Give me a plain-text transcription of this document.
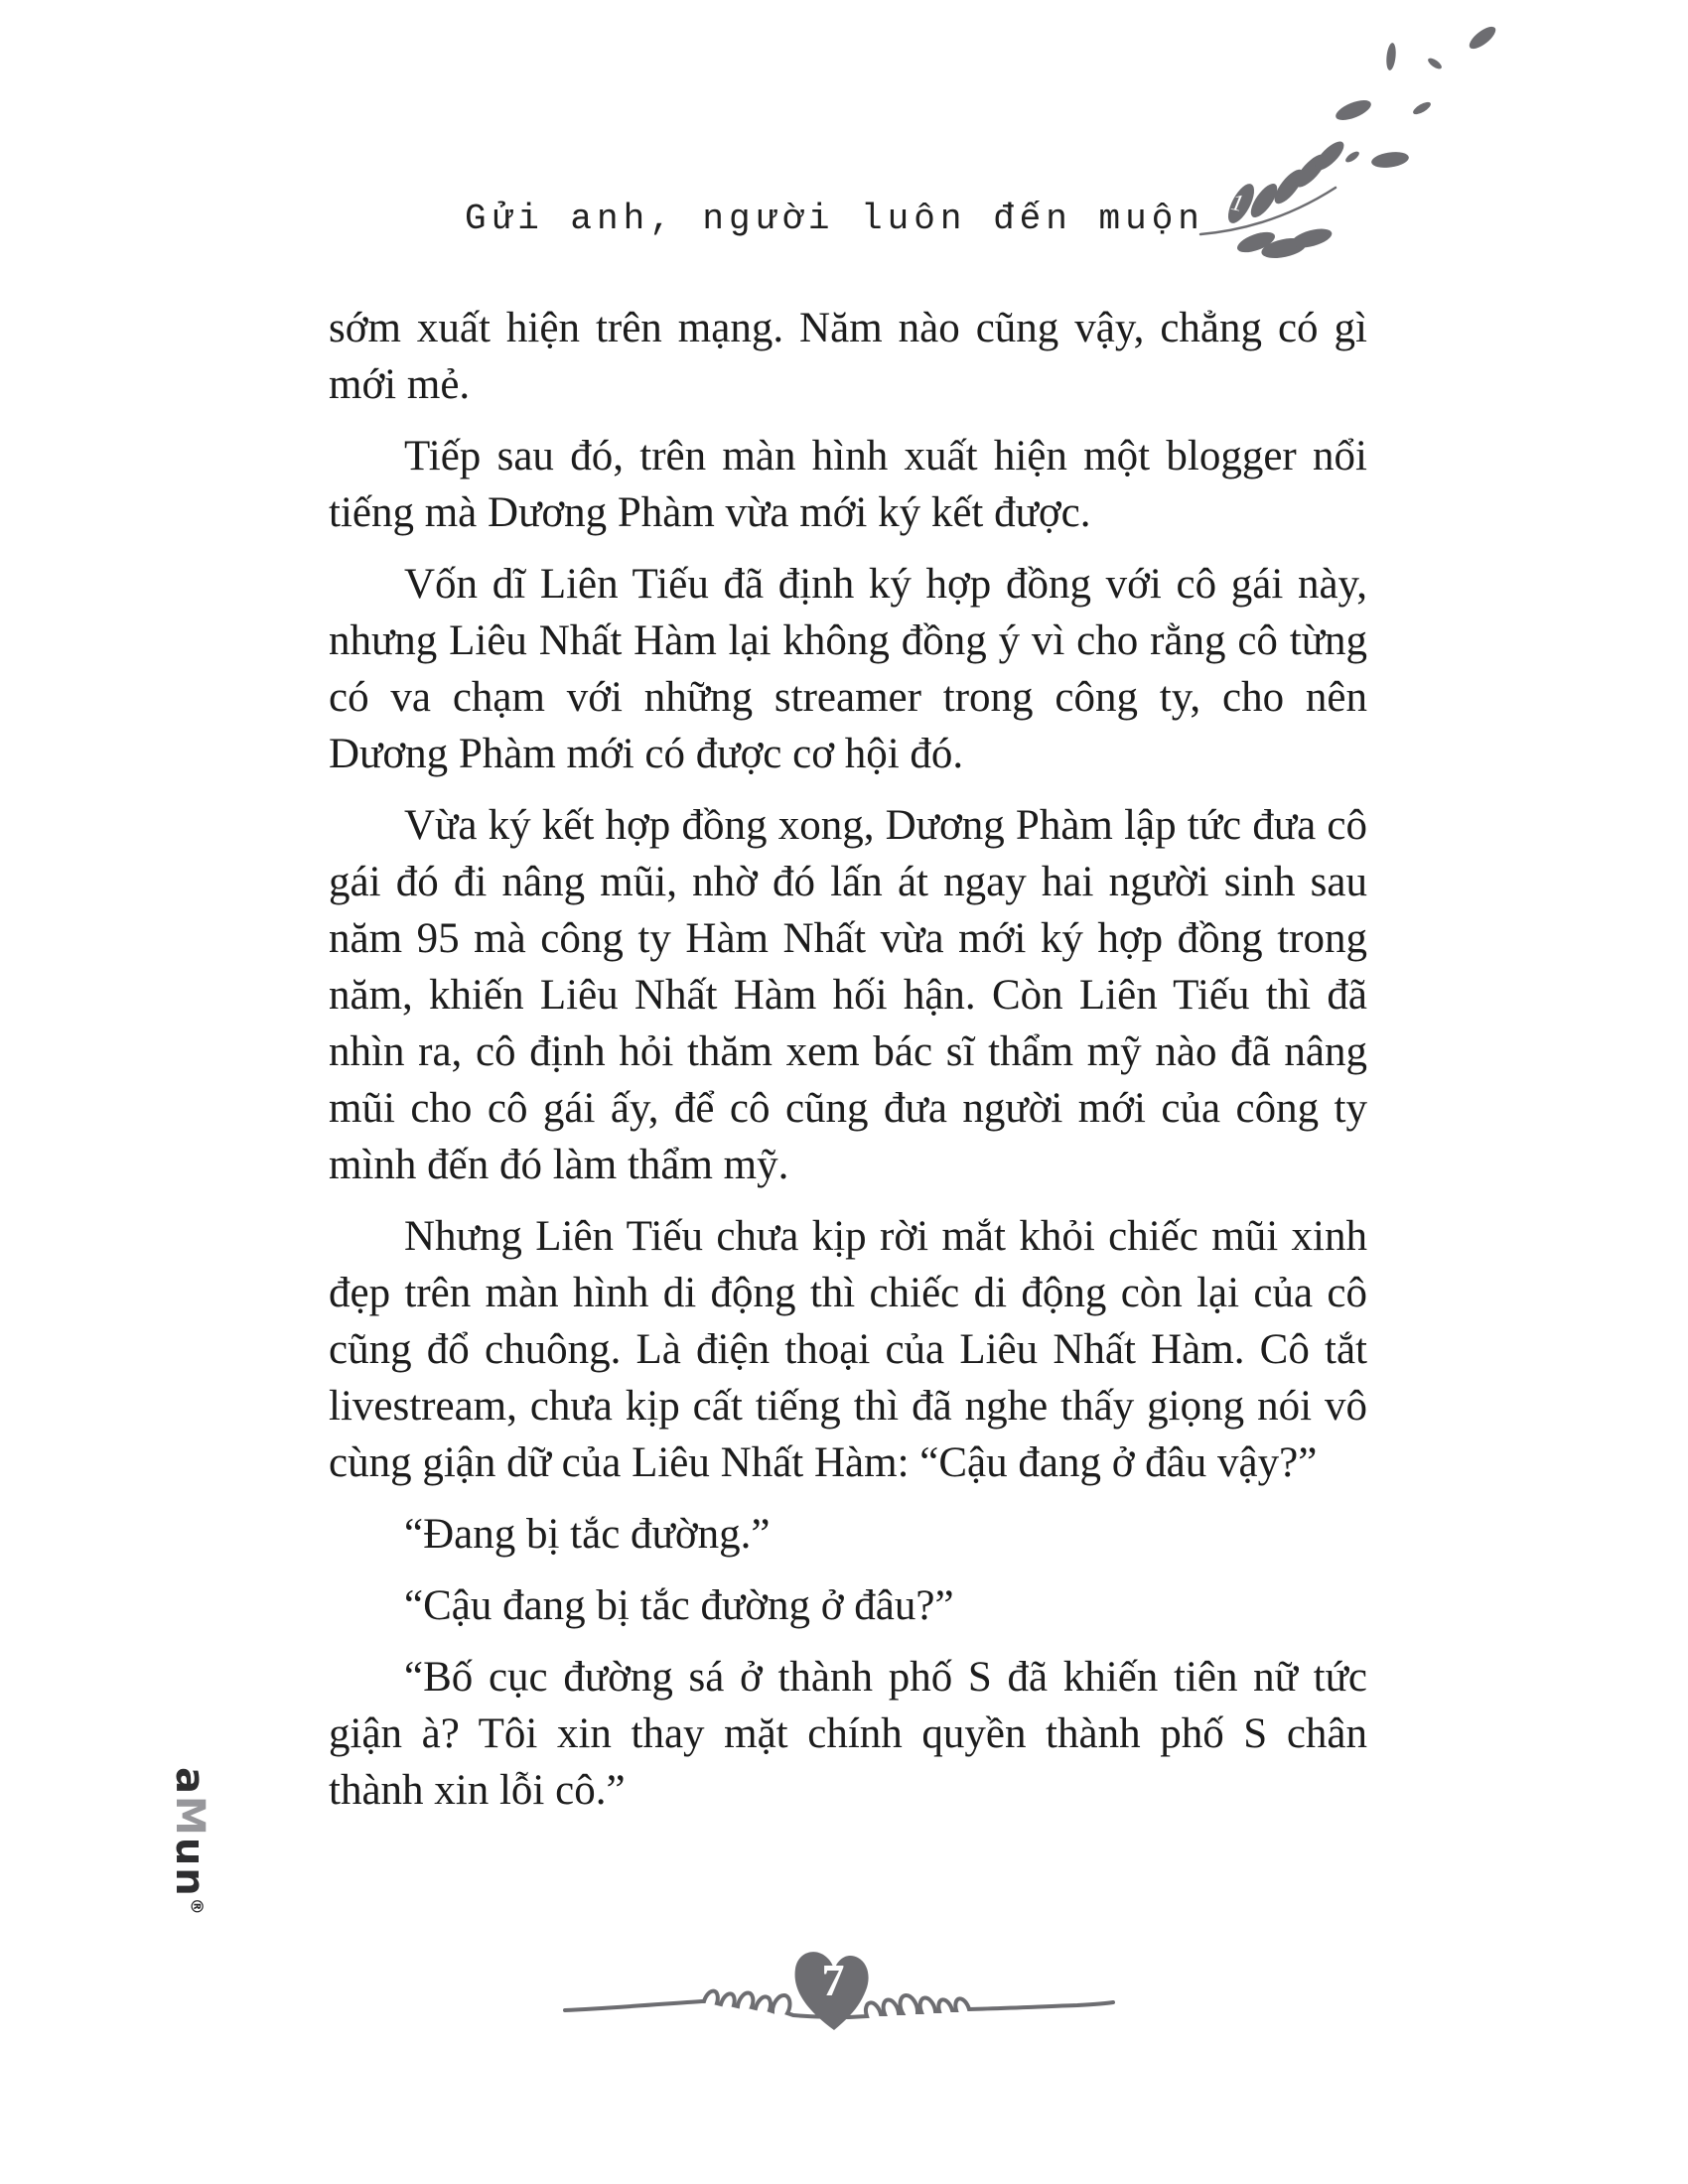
Gửi anh, người luôn đến muộn 1

sớm xuất hiện trên mạng. Năm nào cũng vậy, chẳng có gì mới mẻ.

Tiếp sau đó, trên màn hình xuất hiện một blogger nổi tiếng mà Dương Phàm vừa mới ký kết được.

Vốn dĩ Liên Tiếu đã định ký hợp đồng với cô gái này, nhưng Liêu Nhất Hàm lại không đồng ý vì cho rằng cô từng có va chạm với những streamer trong công ty, cho nên Dương Phàm mới có được cơ hội đó.

Vừa ký kết hợp đồng xong, Dương Phàm lập tức đưa cô gái đó đi nâng mũi, nhờ đó lấn át ngay hai người sinh sau năm 95 mà công ty Hàm Nhất vừa mới ký hợp đồng trong năm, khiến Liêu Nhất Hàm hối hận. Còn Liên Tiếu thì đã nhìn ra, cô định hỏi thăm xem bác sĩ thẩm mỹ nào đã nâng mũi cho cô gái ấy, để cô cũng đưa người mới của công ty mình đến đó làm thẩm mỹ.

Nhưng Liên Tiếu chưa kịp rời mắt khỏi chiếc mũi xinh đẹp trên màn hình di động thì chiếc di động còn lại của cô cũng đổ chuông. Là điện thoại của Liêu Nhất Hàm. Cô tắt livestream, chưa kịp cất tiếng thì đã nghe thấy giọng nói vô cùng giận dữ của Liêu Nhất Hàm: “Cậu đang ở đâu vậy?”

“Đang bị tắc đường.”

“Cậu đang bị tắc đường ở đâu?”

“Bố cục đường sá ở thành phố S đã khiến tiên nữ tức giận à? Tôi xin thay mặt chính quyền thành phố S chân thành xin lỗi cô.”

aMun®
7
